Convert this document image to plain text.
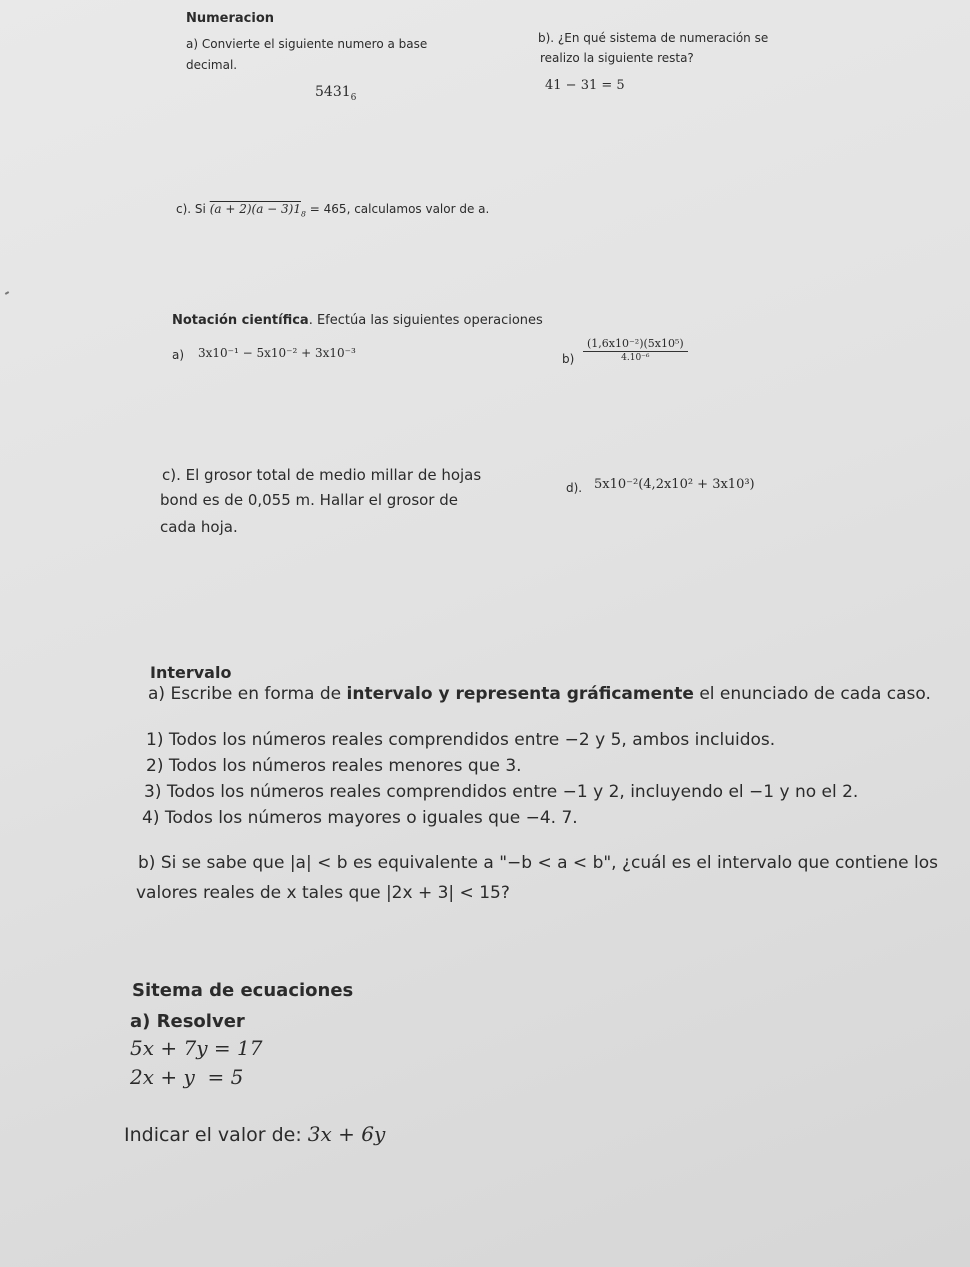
Numeracion
a) Convierte el siguiente numero a base
decimal.
$5431_6$
b). ¿En qué sistema de numeración se
realizo la siguiente resta?
41 − 31 = 5
c). Si $(a + 2)(a - 3)1_8 = 465$, calculamos valor de a.
Notación científica. Efectúa las siguientes operaciones
a) 3x10⁻¹ − 5x10⁻² + 3x10⁻³	b)
(1,6x10⁻²)(5x10⁵)
4.10⁻⁶
c). El grosor total de medio millar de hojas
bond es de 0,055 m. Hallar el grosor de
cada hoja.
d). 5x10⁻²(4,2x10² + 3x10³)
Intervalo
a) Escribe en forma de intervalo y representa gráficamente el enunciado de cada caso.
1) Todos los números reales comprendidos entre −2 y 5, ambos incluidos.
2) Todos los números reales menores que 3.
3) Todos los números reales comprendidos entre −1 y 2, incluyendo el −1 y no el 2.
4) Todos los números mayores o iguales que −4. 7.
b) Si se sabe que |a| < b es equivalente a "−b < a < b", ¿cuál es el intervalo que contiene los
valores reales de x tales que |2x + 3| < 15?
Sitema de ecuaciones
a) Resolver
5x + 7y = 17
2x + y  = 5
Indicar el valor de: 3x + 6y
